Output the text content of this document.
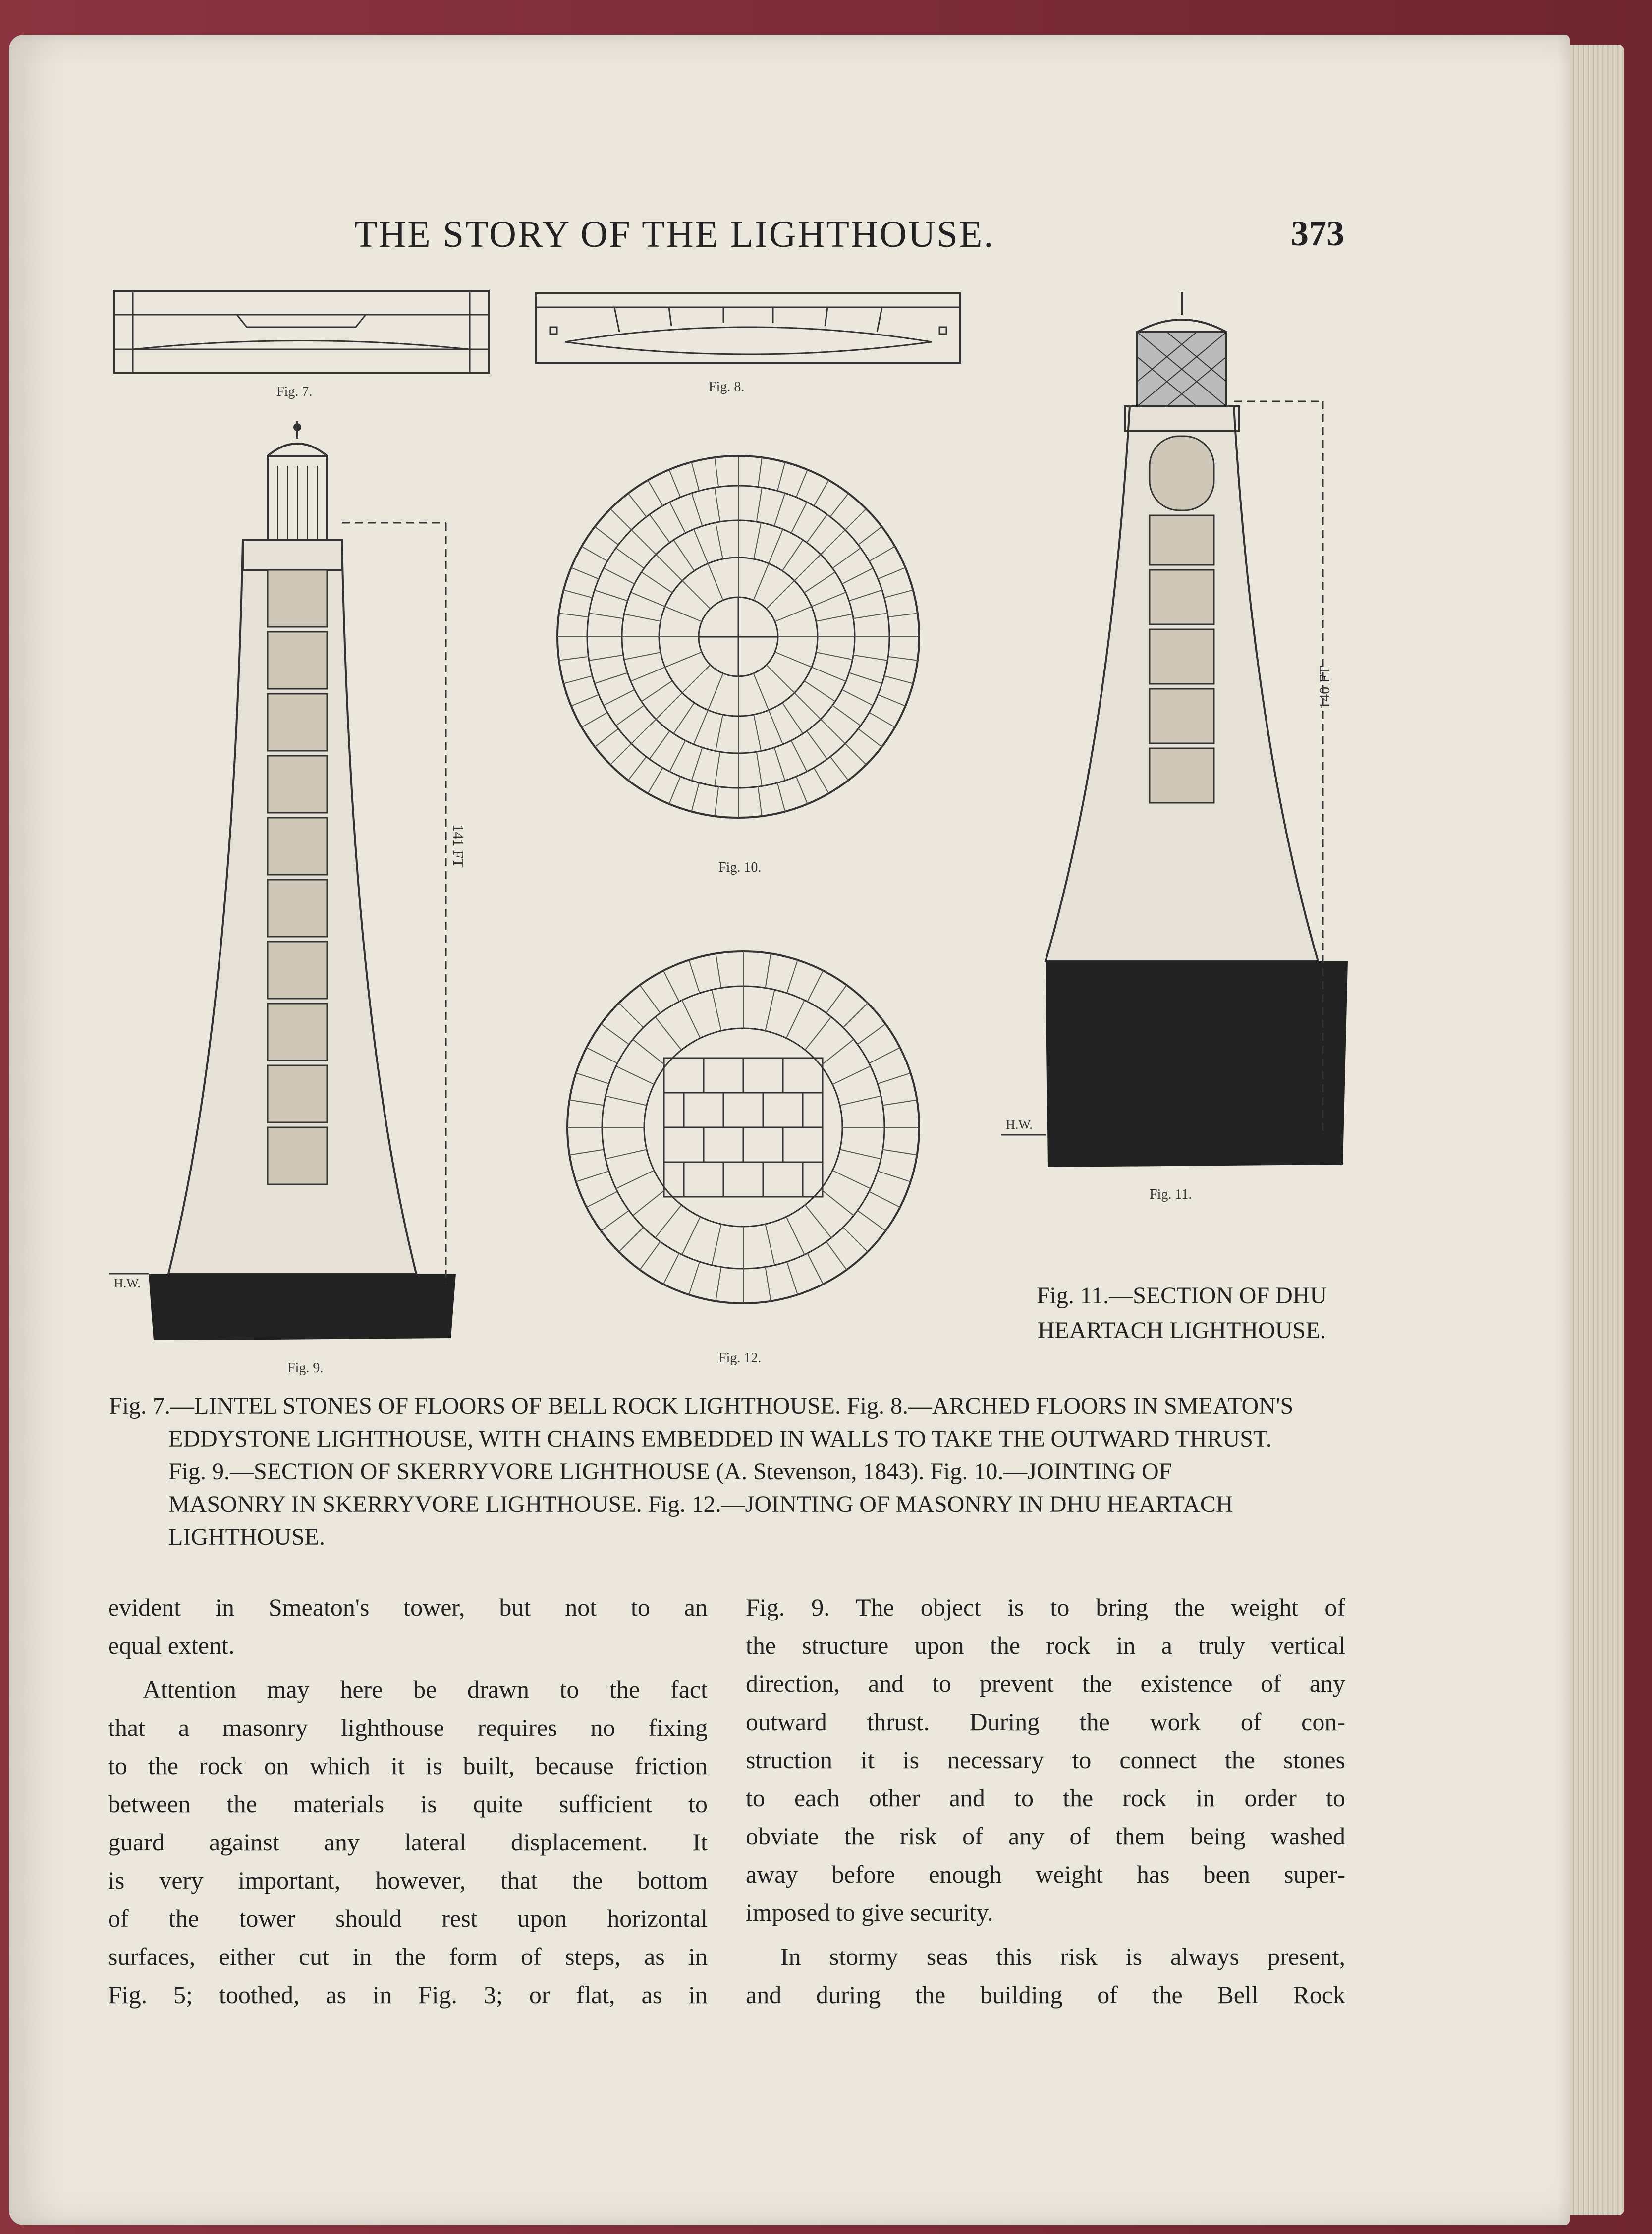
THE STORY OF THE LIGHTHOUSE.	373
Fig. 7.	Fig. 8.
H.W.
141 FT
Fig. 9.
Fig. 10.
Fig. 12.
H.W.
140 FT
Fig. 11.
Fig. 11.—SECTION OF DHU
HEARTACH LIGHTHOUSE.
Fig. 7.—LINTEL STONES OF FLOORS OF BELL ROCK LIGHTHOUSE. Fig. 8.—ARCHED FLOORS IN SMEATON'S
EDDYSTONE LIGHTHOUSE, WITH CHAINS EMBEDDED IN WALLS TO TAKE THE OUTWARD THRUST.
Fig. 9.—SECTION OF SKERRYVORE LIGHTHOUSE (A. Stevenson, 1843). Fig. 10.—JOINTING OF
MASONRY IN SKERRYVORE LIGHTHOUSE. Fig. 12.—JOINTING OF MASONRY IN DHU HEARTACH
LIGHTHOUSE.
evident in Smeaton's tower, but not to an
equal extent.
Attention may here be drawn to the fact
that a masonry lighthouse requires no fixing
to the rock on which it is built, because friction
between the materials is quite sufficient to
guard against any lateral displacement. It
is very important, however, that the bottom
of the tower should rest upon horizontal
surfaces, either cut in the form of steps, as in
Fig. 5; toothed, as in Fig. 3; or flat, as in
Fig. 9. The object is to bring the weight of
the structure upon the rock in a truly vertical
direction, and to prevent the existence of any
outward thrust. During the work of con-
struction it is necessary to connect the stones
to each other and to the rock in order to
obviate the risk of any of them being washed
away before enough weight has been super-
imposed to give security.
In stormy seas this risk is always present,
and during the building of the Bell Rock
